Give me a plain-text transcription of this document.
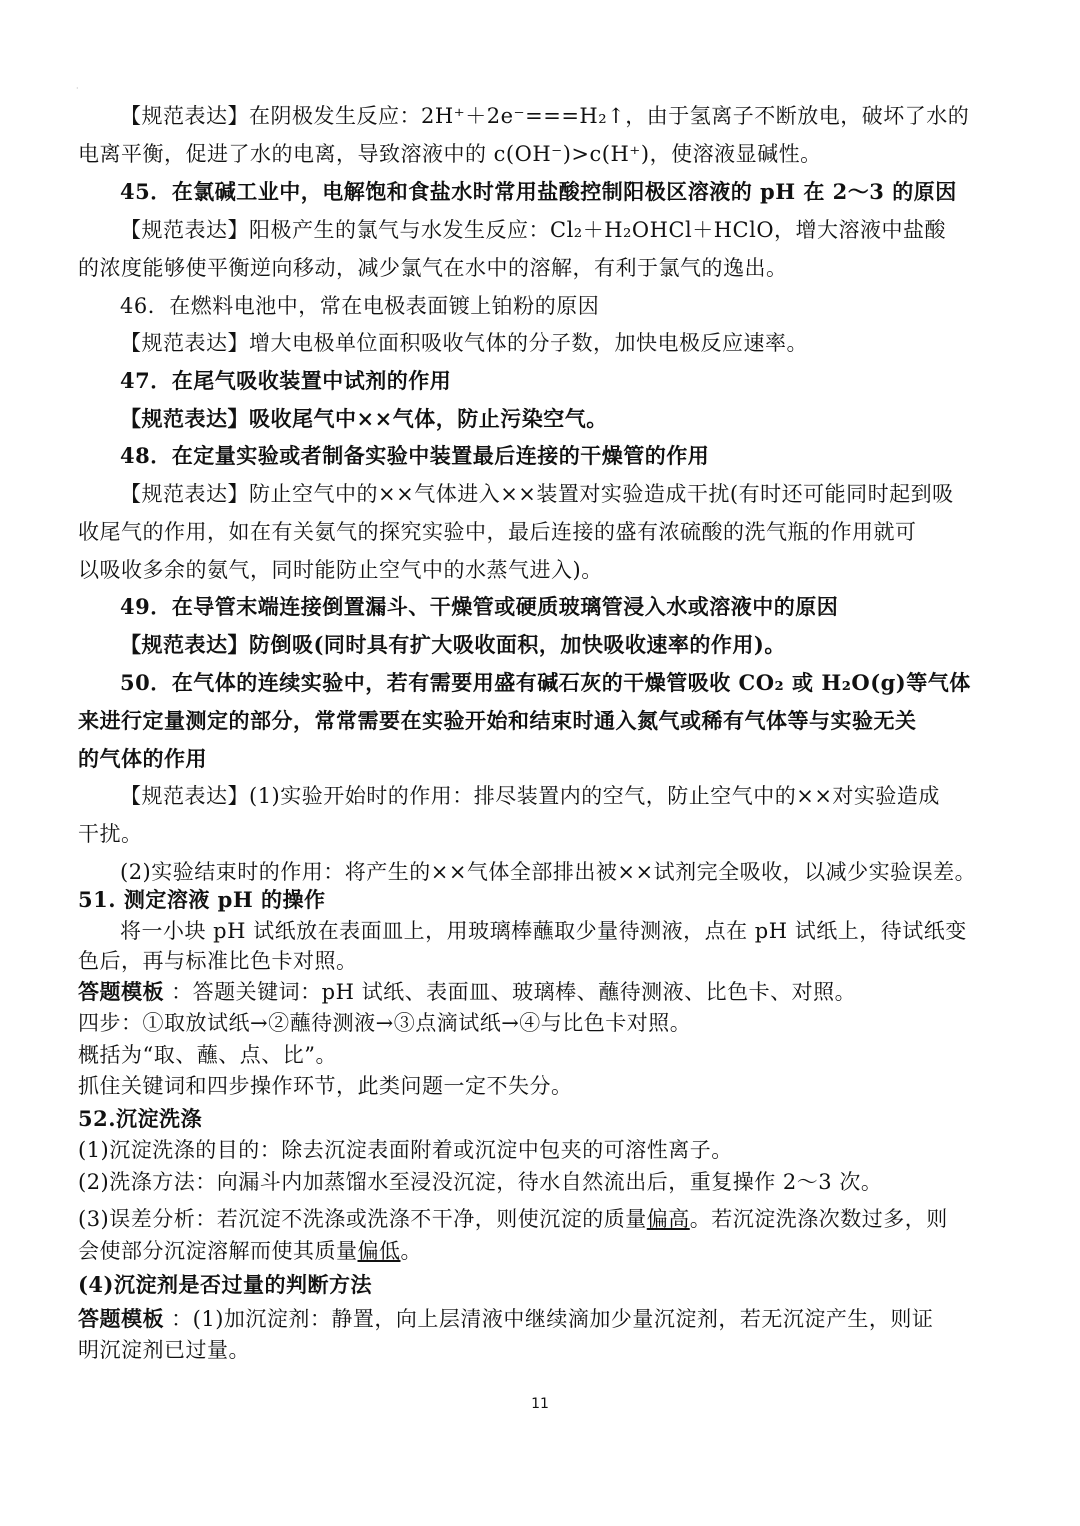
·
【规范表达】在阴极发生反应：2H⁺＋2e⁻===H₂↑，由于氢离子不断放电，破坏了水的
电离平衡，促进了水的电离，导致溶液中的 c(OH⁻)>c(H⁺)，使溶液显碱性。
45．在氯碱工业中，电解饱和食盐水时常用盐酸控制阳极区溶液的 pH 在 2～3 的原因
【规范表达】阳极产生的氯气与水发生反应：Cl₂＋H₂OHCl＋HClO，增大溶液中盐酸
的浓度能够使平衡逆向移动，减少氯气在水中的溶解，有利于氯气的逸出。
46．在燃料电池中，常在电极表面镀上铂粉的原因
【规范表达】增大电极单位面积吸收气体的分子数，加快电极反应速率。
47．在尾气吸收装置中试剂的作用
【规范表达】吸收尾气中××气体，防止污染空气。
48．在定量实验或者制备实验中装置最后连接的干燥管的作用
【规范表达】防止空气中的××气体进入××装置对实验造成干扰(有时还可能同时起到吸
收尾气的作用，如在有关氨气的探究实验中，最后连接的盛有浓硫酸的洗气瓶的作用就可
以吸收多余的氨气，同时能防止空气中的水蒸气进入)。
49．在导管末端连接倒置漏斗、干燥管或硬质玻璃管浸入水或溶液中的原因
【规范表达】防倒吸(同时具有扩大吸收面积，加快吸收速率的作用)。
50．在气体的连续实验中，若有需要用盛有碱石灰的干燥管吸收 CO₂ 或 H₂O(g)等气体
来进行定量测定的部分，常常需要在实验开始和结束时通入氮气或稀有气体等与实验无关
的气体的作用
【规范表达】(1)实验开始时的作用：排尽装置内的空气，防止空气中的××对实验造成
干扰。
(2)实验结束时的作用：将产生的××气体全部排出被××试剂完全吸收，以减少实验误差。
51. 测定溶液 pH 的操作
将一小块 pH 试纸放在表面皿上，用玻璃棒蘸取少量待测液，点在 pH 试纸上，待试纸变
色后，再与标准比色卡对照。
答题模板 ：答题关键词：pH 试纸、表面皿、玻璃棒、蘸待测液、比色卡、对照。
四步：①取放试纸→②蘸待测液→③点滴试纸→④与比色卡对照。
概括为“取、蘸、点、比”。
抓住关键词和四步操作环节，此类问题一定不失分。
52.沉淀洗涤
(1)沉淀洗涤的目的：除去沉淀表面附着或沉淀中包夹的可溶性离子。
(2)洗涤方法：向漏斗内加蒸馏水至浸没沉淀，待水自然流出后，重复操作 2～3 次。
(3)误差分析：若沉淀不洗涤或洗涤不干净，则使沉淀的质量偏高。若沉淀洗涤次数过多，则
会使部分沉淀溶解而使其质量偏低。
(4)沉淀剂是否过量的判断方法
答题模板 ：(1)加沉淀剂：静置，向上层清液中继续滴加少量沉淀剂，若无沉淀产生，则证
明沉淀剂已过量。
11
